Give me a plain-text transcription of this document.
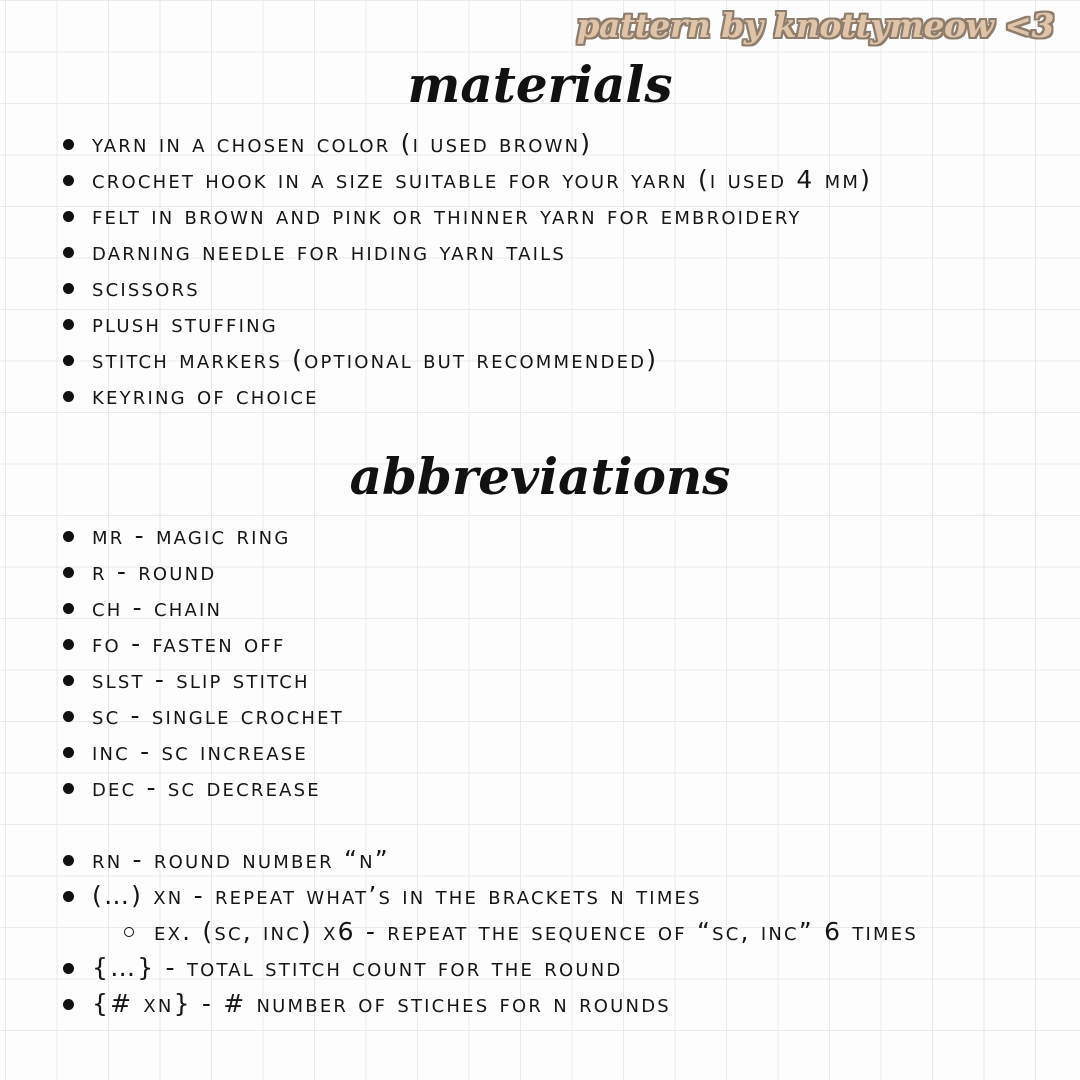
pattern by knottymeow <3
materials
yarn in a chosen color (i used brown)
crochet hook in a size suitable for your yarn (i used 4 mm)
felt in brown and pink or thinner yarn for embroidery
darning needle for hiding yarn tails
scissors
plush stuffing
stitch markers (optional but recommended)
keyring of choice
abbreviations
mr - magic ring
r - round
ch - chain
fo - fasten off
slst - slip stitch
sc - single crochet
inc - sc increase
dec - sc decrease
rn - round number “n”
(…) xn - repeat what’s in the brackets n times
ex. (sc, inc) x6 - repeat the sequence of “sc, inc” 6 times
{…} - total stitch count for the round
{# xn} - # number of stiches for n rounds
